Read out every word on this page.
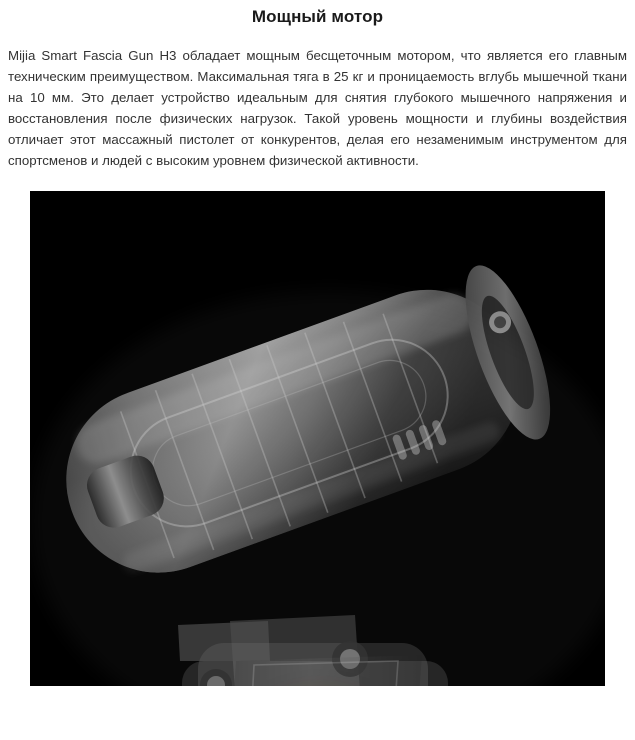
Мощный мотор

Mijia Smart Fascia Gun H3 обладает мощным бесщеточным мотором, что является его главным техническим преимуществом. Максимальная тяга в 25 кг и проницаемость вглубь мышечной ткани на 10 мм. Это делает устройство идеальным для снятия глубокого мышечного напряжения и восстановления после физических нагрузок. Такой уровень мощности и глубины воздействия отличает этот массажный пистолет от конкурентов, делая его незаменимым инструментом для спортсменов и людей с высоким уровнем физической активности.
